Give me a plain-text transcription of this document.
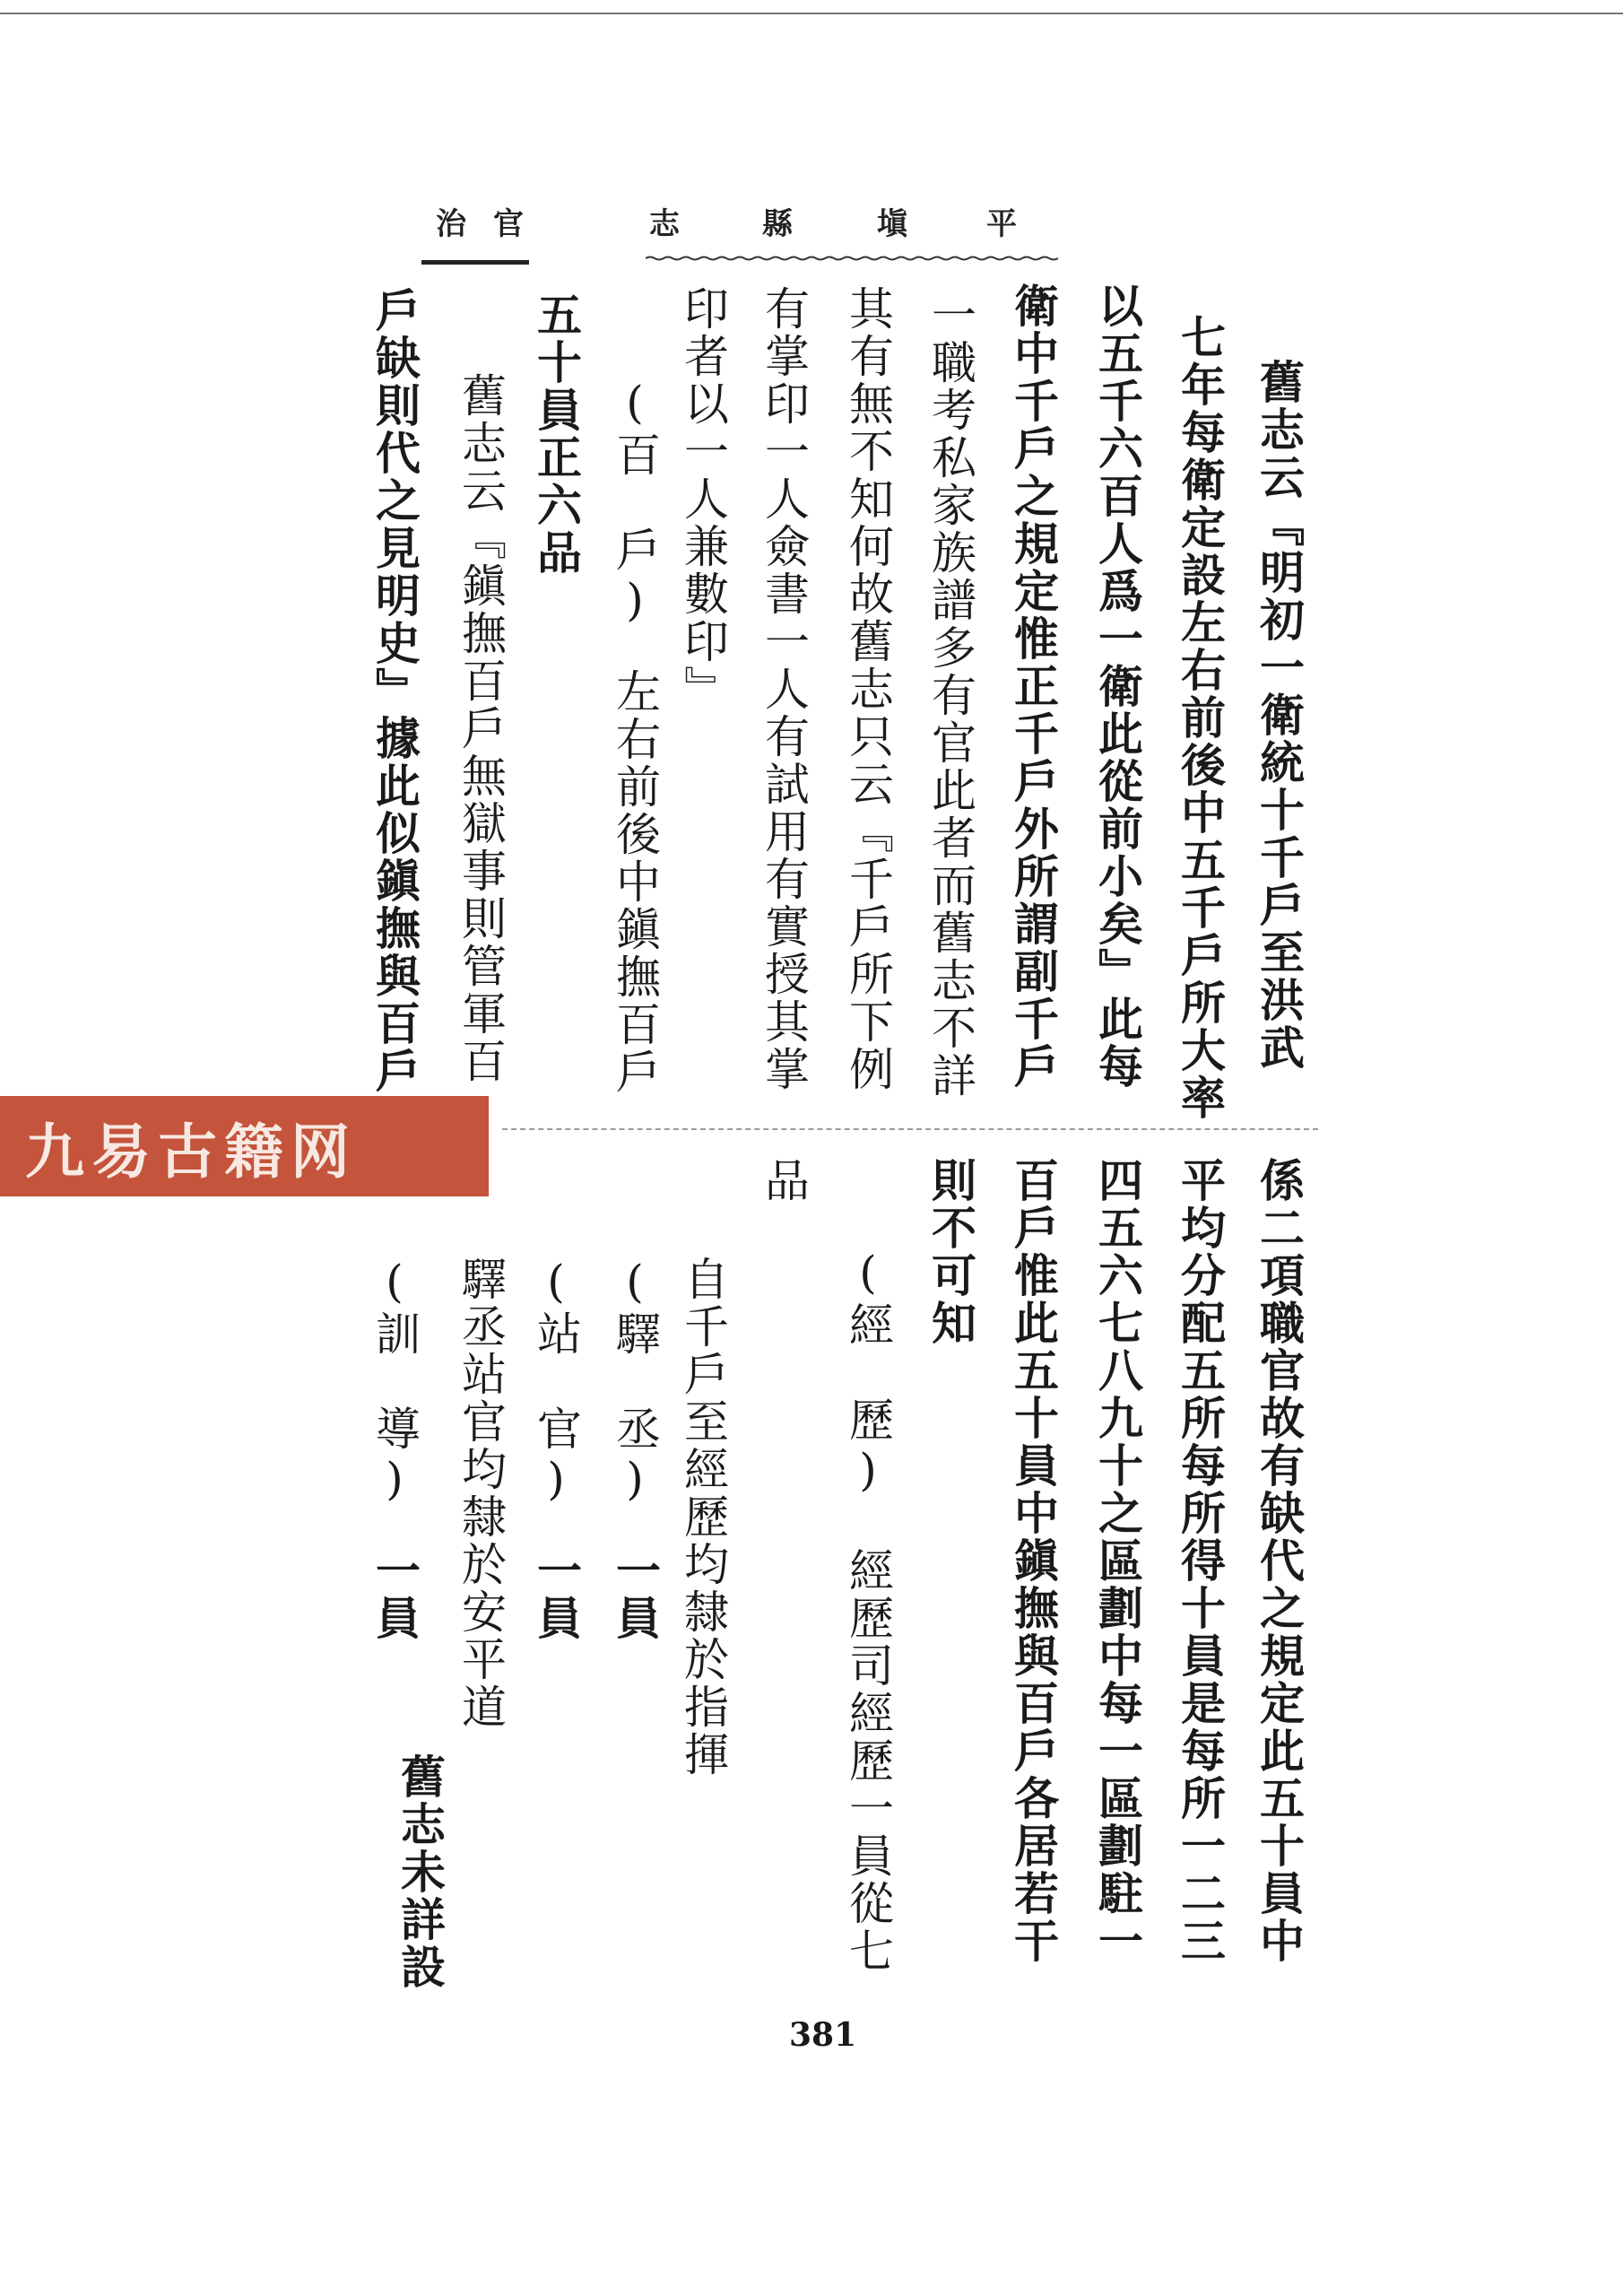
平
塡
縣
志
官
治
舊志云『明初一衛統十千戶至洪武
七年每衛定設左右前後中五千戶所大率
以五千六百人爲一衛此從前小矣』此每
衛中千戶之規定惟正千戶外所謂副千戶
一職考私家族譜多有官此者而舊志不詳
其有無不知何故舊志只云『千戶所下例
有掌印一人僉書一人有試用有實授其掌
印者以一人兼數印』
(百　戶)
左右前後中鎭撫百戶
五十員正六品
舊志云『鎭撫百戶無獄事則管軍百
戶缺則代之見明史』據此似鎭撫與百戶
係二項職官故有缺代之規定此五十員中
平均分配五所每所得十員是每所一二三
四五六七八九十之區劃中每一區劃駐一
百戶惟此五十員中鎭撫與百戶各居若干
則不可知
(經　歷)
經歷司經歷一員從七
品
自千戶至經歷均隸於指揮
(驛　丞)
一員
(站　官)
一員
驛丞站官均隸於安平道
(訓　導)
一員
舊志未詳設
381
九易古籍网
